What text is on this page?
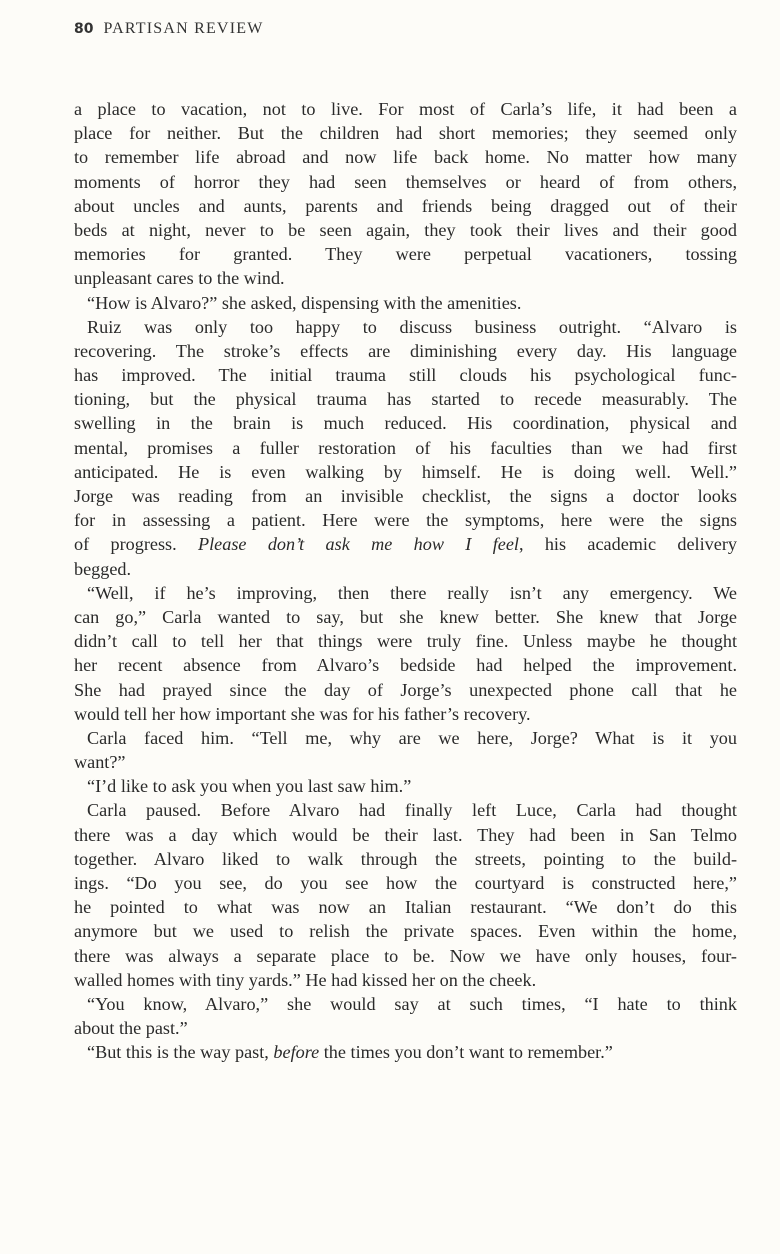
80 PARTISAN REVIEW
a place to vacation, not to live. For most of Carla’s life, it had been a
place for neither. But the children had short memories; they seemed only
to remember life abroad and now life back home. No matter how many
moments of horror they had seen themselves or heard of from others,
about uncles and aunts, parents and friends being dragged out of their
beds at night, never to be seen again, they took their lives and their good
memories for granted. They were perpetual vacationers, tossing
unpleasant cares to the wind.
“How is Alvaro?” she asked, dispensing with the amenities.
Ruiz was only too happy to discuss business outright. “Alvaro is
recovering. The stroke’s effects are diminishing every day. His language
has improved. The initial trauma still clouds his psychological func-
tioning, but the physical trauma has started to recede measurably. The
swelling in the brain is much reduced. His coordination, physical and
mental, promises a fuller restoration of his faculties than we had first
anticipated. He is even walking by himself. He is doing well. Well.”
Jorge was reading from an invisible checklist, the signs a doctor looks
for in assessing a patient. Here were the symptoms, here were the signs
of progress. Please don’t ask me how I feel, his academic delivery
begged.
“Well, if he’s improving, then there really isn’t any emergency. We
can go,” Carla wanted to say, but she knew better. She knew that Jorge
didn’t call to tell her that things were truly fine. Unless maybe he thought
her recent absence from Alvaro’s bedside had helped the improvement.
She had prayed since the day of Jorge’s unexpected phone call that he
would tell her how important she was for his father’s recovery.
Carla faced him. “Tell me, why are we here, Jorge? What is it you
want?”
“I’d like to ask you when you last saw him.”
Carla paused. Before Alvaro had finally left Luce, Carla had thought
there was a day which would be their last. They had been in San Telmo
together. Alvaro liked to walk through the streets, pointing to the build-
ings. “Do you see, do you see how the courtyard is constructed here,”
he pointed to what was now an Italian restaurant. “We don’t do this
anymore but we used to relish the private spaces. Even within the home,
there was always a separate place to be. Now we have only houses, four-
walled homes with tiny yards.” He had kissed her on the cheek.
“You know, Alvaro,” she would say at such times, “I hate to think
about the past.”
“But this is the way past, before the times you don’t want to remember.”
